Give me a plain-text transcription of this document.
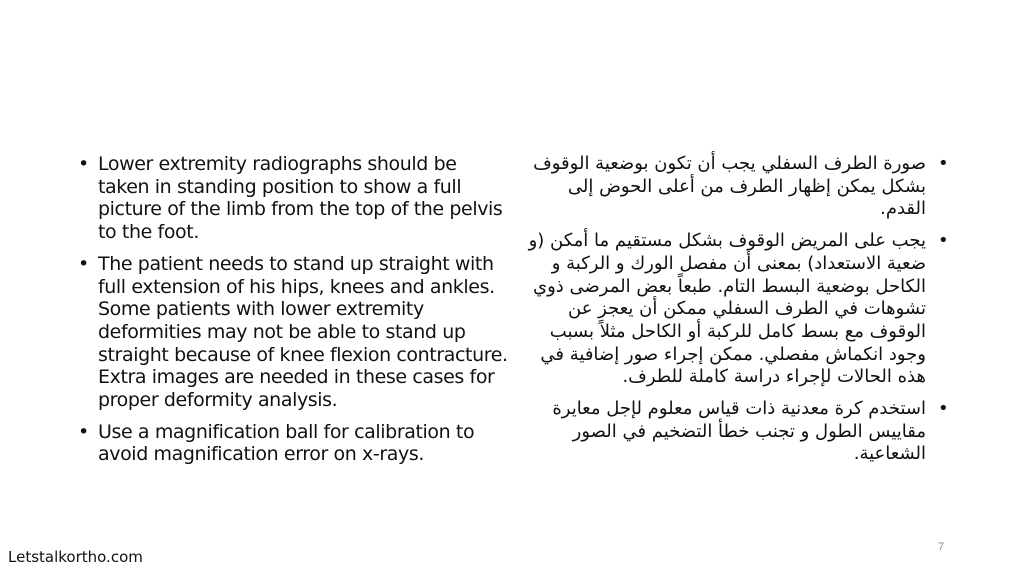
• Lower extremity radiographs should be taken in standing position to show a full picture of the limb from the top of the pelvis to the foot.
• The patient needs to stand up straight with full extension of his hips, knees and ankles. Some patients with lower extremity deformities may not be able to stand up straight because of knee flexion contracture. Extra images are needed in these cases for proper deformity analysis.
• Use a magnification ball for calibration to avoid magnification error on x-rays.
•
صورة الطرف السفلي يجب أن تكون بوضعية الوقوف بشكل يمكن إظهار الطرف من أعلى الحوض إلى القدم.
•
يجب على المريض الوقوف بشكل مستقيم ما أمكن (و ضعية الاستعداد) بمعنى أن مفصل الورك و الركبة و الكاحل بوضعية البسط التام. طبعاً بعض المرضى ذوي تشوهات في الطرف السفلي ممكن أن يعجز عن الوقوف مع بسط كامل للركبة أو الكاحل مثلاً بسبب وجود انكماش مفصلي. ممكن إجراء صور إضافية في هذه الحالات لإجراء دراسة كاملة للطرف.
•
استخدم كرة معدنية ذات قياس معلوم لإجل معايرة مقاييس الطول و تجنب خطأ التضخيم في الصور الشعاعية.
Letstalkortho.com
7
